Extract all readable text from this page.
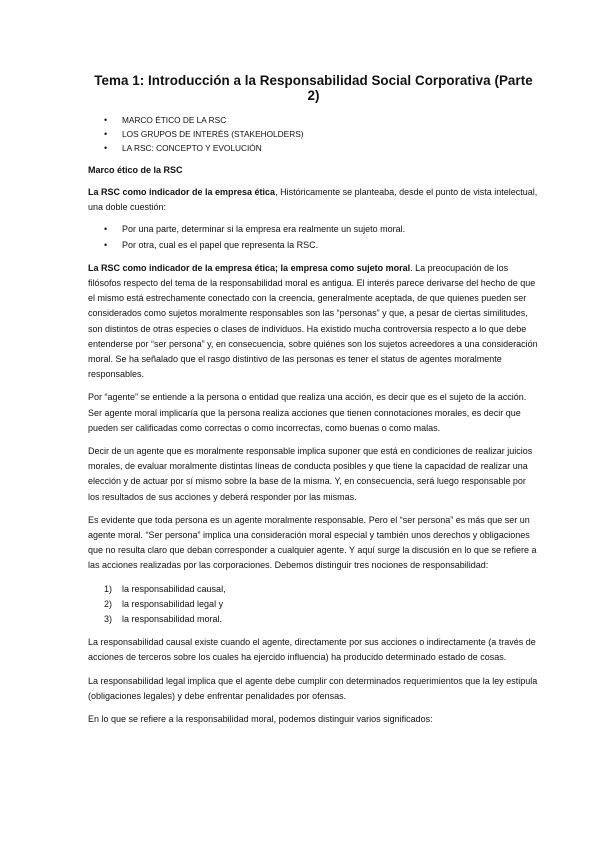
Tema 1: Introducción a la Responsabilidad Social Corporativa (Parte 2)
• MARCO ÉTICO DE LA RSC
• LOS GRUPOS DE INTERÉS (STAKEHOLDERS)
• LA RSC: CONCEPTO Y EVOLUCIÓN
Marco ético de la RSC

La RSC como indicador de la empresa ética, Históricamente se planteaba, desde el punto de vista intelectual, una doble cuestión:

• Por una parte, determinar si la empresa era realmente un sujeto moral.
• Por otra, cual es el papel que representa la RSC.

La RSC como indicador de la empresa ética; la empresa como sujeto moral. La preocupación de los filósofos respecto del tema de la responsabilidad moral es antigua. El interés parece derivarse del hecho de que el mismo está estrechamente conectado con la creencia, generalmente aceptada, de que quienes pueden ser considerados como sujetos moralmente responsables son las “personas” y que, a pesar de ciertas similitudes, son distintos de otras especies o clases de individuos. Ha existido mucha controversia respecto a lo que debe entenderse por “ser persona” y, en consecuencia, sobre quiénes son los sujetos acreedores a una consideración moral. Se ha señalado que el rasgo distintivo de las personas es tener el status de agentes moralmente responsables.

Por “agente” se entiende a la persona o entidad que realiza una acción, es decir que es el sujeto de la acción. Ser agente moral implicaría que la persona realiza acciones que tienen connotaciones morales, es decir que pueden ser calificadas como correctas o como incorrectas, como buenas o como malas.

Decir de un agente que es moralmente responsable implica suponer que está en condiciones de realizar juicios morales, de evaluar moralmente distintas líneas de conducta posibles y que tiene la capacidad de realizar una elección y de actuar por sí mismo sobre la base de la misma. Y, en consecuencia, será luego responsable por los resultados de sus acciones y deberá responder por las mismas.

Es evidente que toda persona es un agente moralmente responsable. Pero el “ser persona” es más que ser un agente moral. “Ser persona” implica una consideración moral especial y también unos derechos y obligaciones que no resulta claro que deban corresponder a cualquier agente. Y aquí surge la discusión en lo que se refiere a las acciones realizadas por las corporaciones. Debemos distinguir tres nociones de responsabilidad:

1) la responsabilidad causal,
2) la responsabilidad legal y
3) la responsabilidad moral.

La responsabilidad causal existe cuando el agente, directamente por sus acciones o indirectamente (a través de acciones de terceros sobre los cuales ha ejercido influencia) ha producido determinado estado de cosas.

La responsabilidad legal implica que el agente debe cumplir con determinados requerimientos que la ley estipula (obligaciones legales) y debe enfrentar penalidades por ofensas.

En lo que se refiere a la responsabilidad moral, podemos distinguir varios significados:
